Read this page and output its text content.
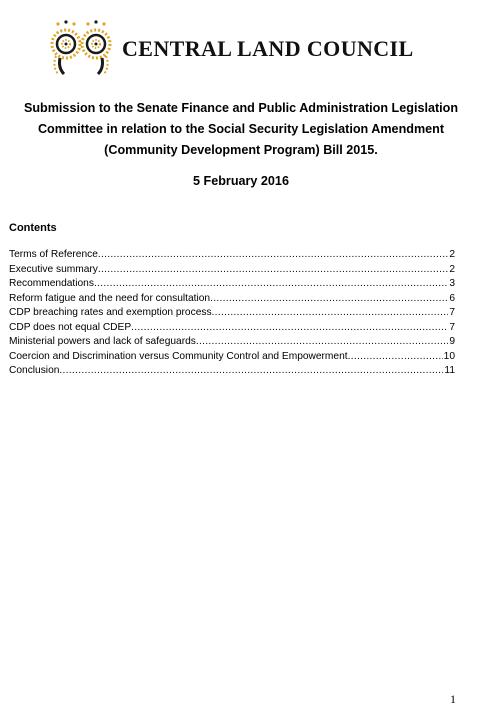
CENTRAL LAND COUNCIL
Submission to the Senate Finance and Public Administration Legislation Committee in relation to the Social Security Legislation Amendment (Community Development Program) Bill 2015.
5 February 2016
Contents
Terms of Reference .....	2
Executive summary .....	2
Recommendations .....	3
Reform fatigue and the need for consultation .....	6
CDP breaching rates and exemption process .....	7
CDP does not equal CDEP .....	7
Ministerial powers and lack of safeguards .....	9
Coercion and Discrimination versus Community Control and Empowerment .....	10
Conclusion .....	11
1
